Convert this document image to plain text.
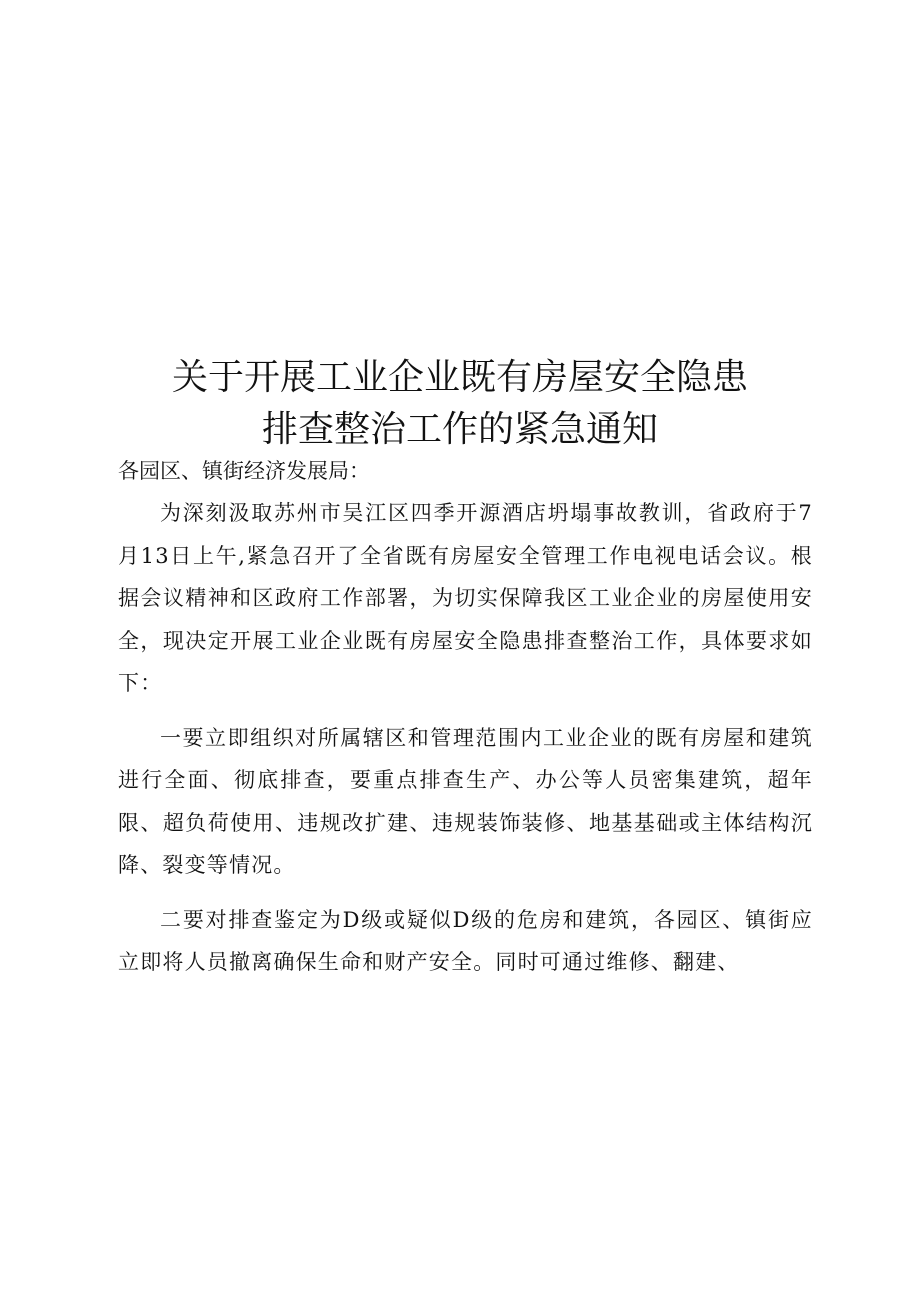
关于开展工业企业既有房屋安全隐患
排查整治工作的紧急通知

各园区、镇街经济发展局：

为深刻汲取苏州市吴江区四季开源酒店坍塌事故教训，省政府于7月13日上午,紧急召开了全省既有房屋安全管理工作电视电话会议。根据会议精神和区政府工作部署，为切实保障我区工业企业的房屋使用安全，现决定开展工业企业既有房屋安全隐患排查整治工作，具体要求如下：

一要立即组织对所属辖区和管理范围内工业企业的既有房屋和建筑进行全面、彻底排查，要重点排查生产、办公等人员密集建筑，超年限、超负荷使用、违规改扩建、违规装饰装修、地基基础或主体结构沉降、裂变等情况。

二要对排查鉴定为D级或疑似D级的危房和建筑，各园区、镇街应立即将人员撤离确保生命和财产安全。同时可通过维修、翻建、
